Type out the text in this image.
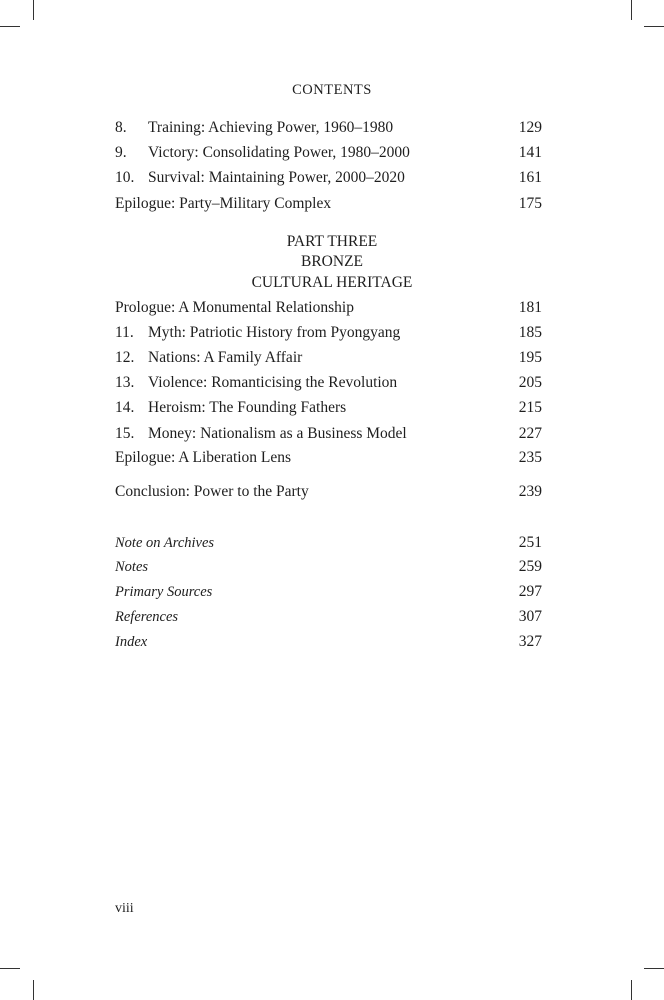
CONTENTS
8.	Training: Achieving Power, 1960–1980	129
9.	Victory: Consolidating Power, 1980–2000	141
10. Survival: Maintaining Power, 2000–2020	161
Epilogue: Party–Military Complex	175
PART THREE
BRONZE
CULTURAL HERITAGE
Prologue: A Monumental Relationship	181
11. Myth: Patriotic History from Pyongyang	185
12. Nations: A Family Affair	195
13. Violence: Romanticising the Revolution	205
14. Heroism: The Founding Fathers	215
15. Money: Nationalism as a Business Model	227
Epilogue: A Liberation Lens	235
Conclusion: Power to the Party	239
Note on Archives	251
Notes	259
Primary Sources	297
References	307
Index	327
viii
